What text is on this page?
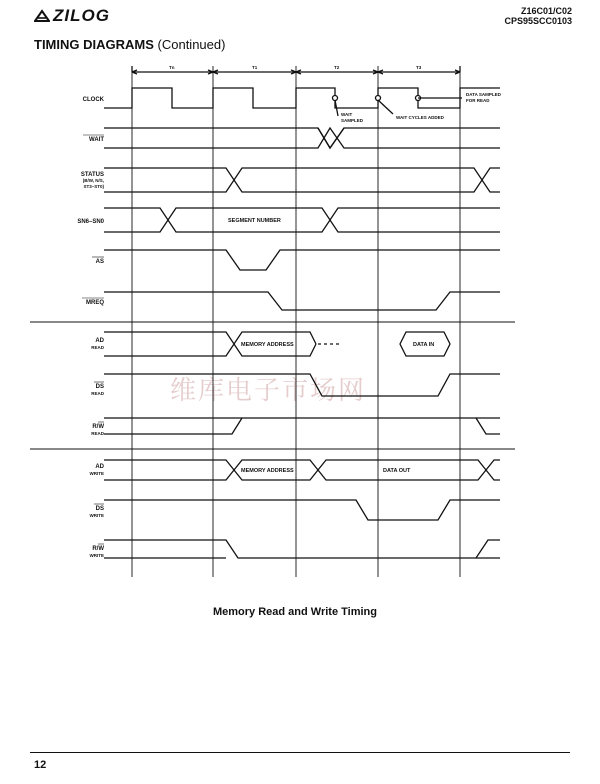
ZILOG	Z16C01/C02
CPS95SCC0103
TIMING DIAGRAMS (Continued)
维库电子市场网
Tn	T1	T2	T3
CLOCK
WAIT
STATUS
(B/W, N/S,
ST3–ST0)
SN6–SN0
AS
MREQ
AD
READ
DS
READ
R/W
READ
AD
WRITE
DS
WRITE
R/W
WRITE
DATA SAMPLED
FOR READ
WAIT
SAMPLED
WAIT CYCLES ADDED
SEGMENT NUMBER
MEMORY ADDRESS	DATA IN
MEMORY ADDRESS	DATA OUT
Memory Read and Write Timing
12
